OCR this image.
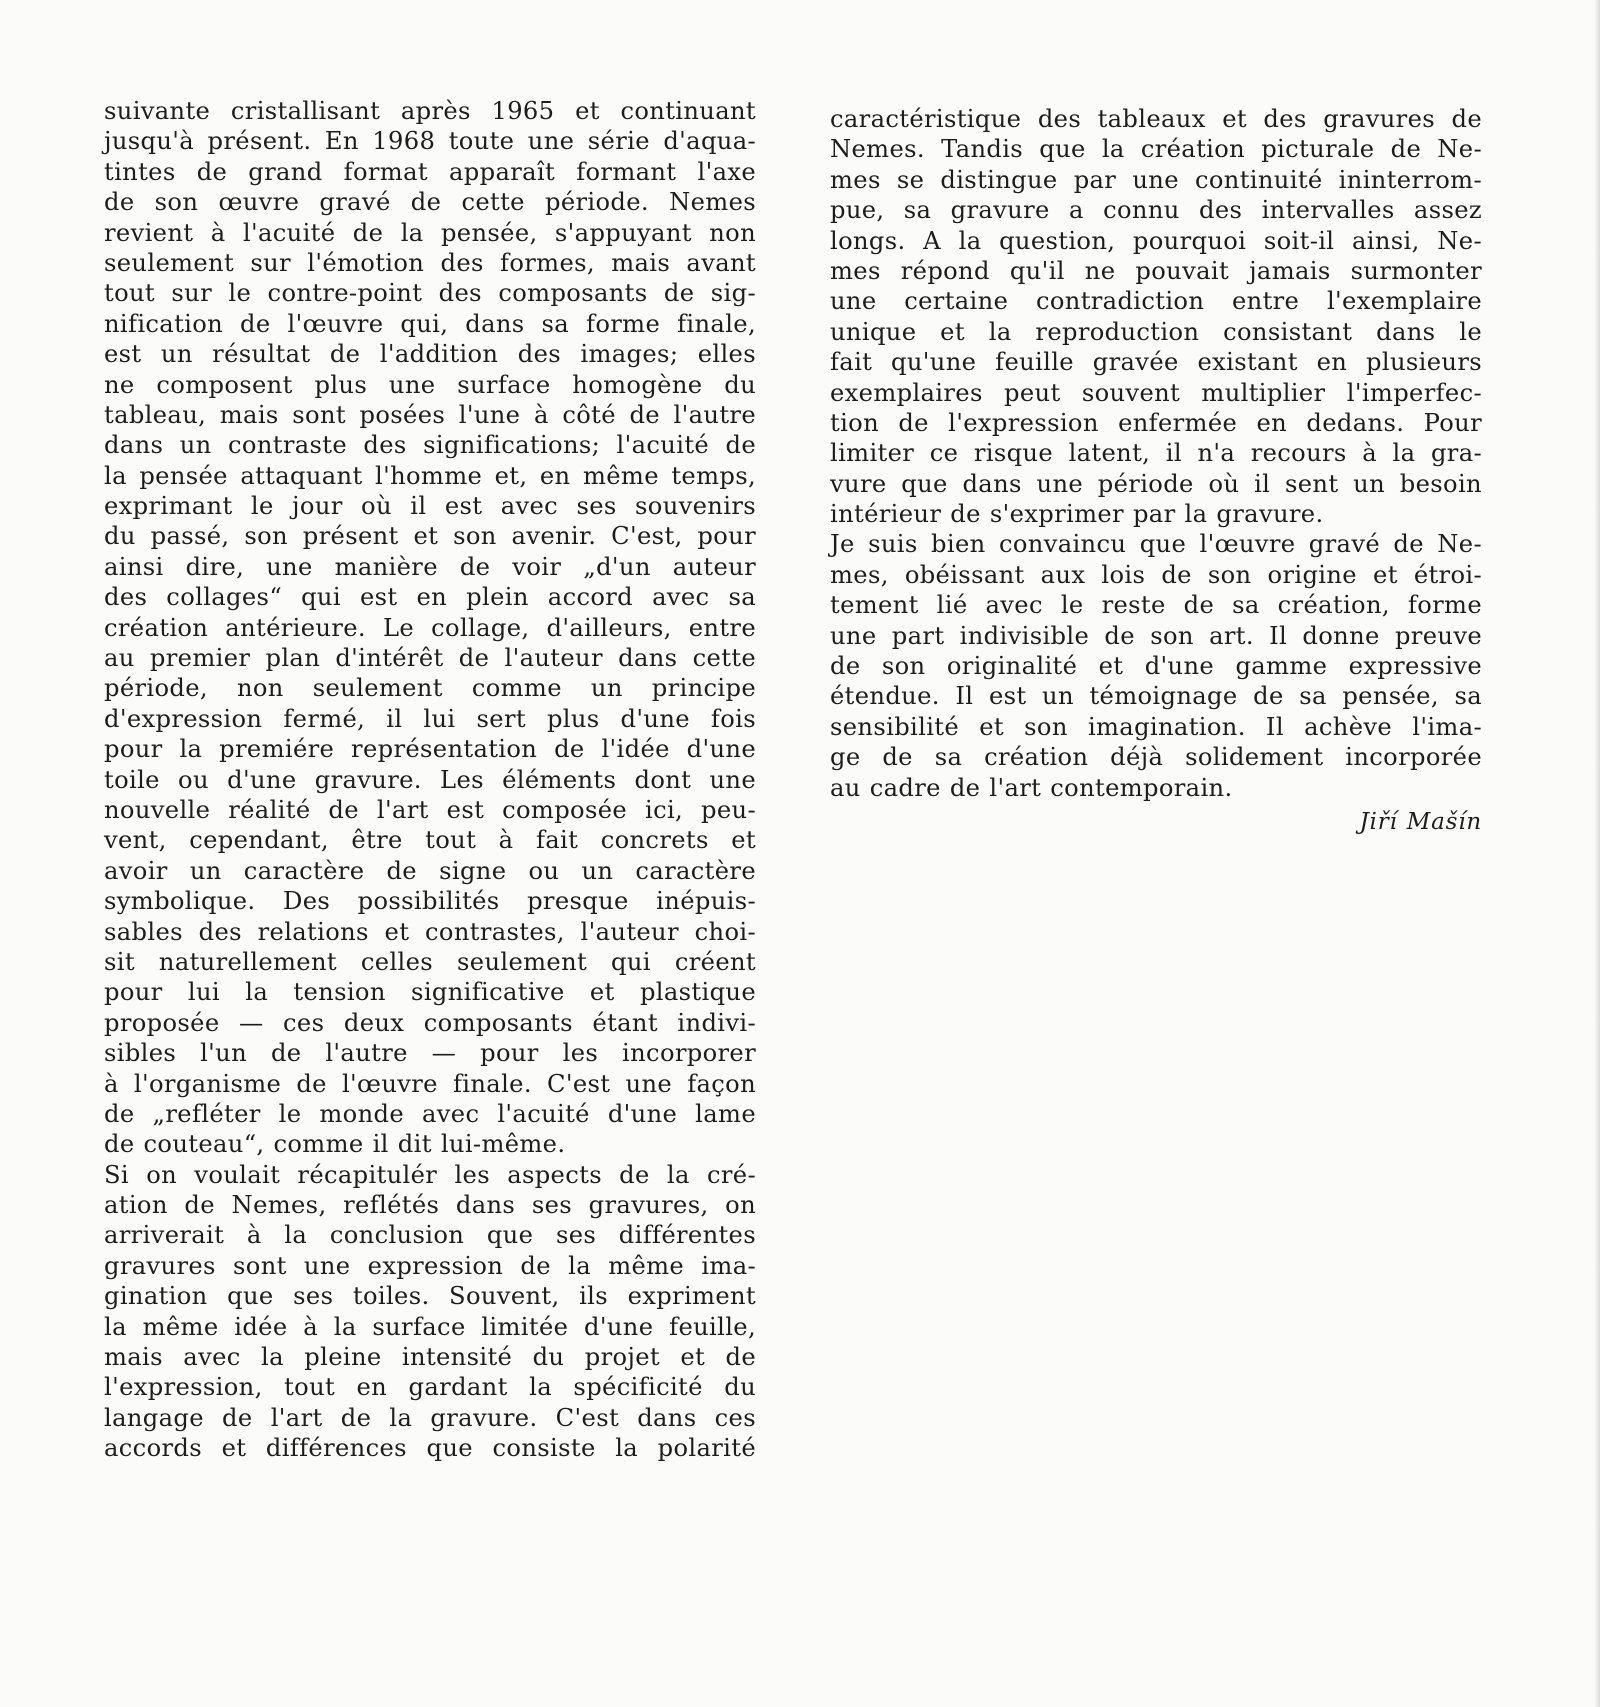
suivante cristallisant après 1965 et continuant
jusqu'à présent. En 1968 toute une série d'aqua-
tintes de grand format apparaît formant l'axe
de son œuvre gravé de cette période. Nemes
revient à l'acuité de la pensée, s'appuyant non
seulement sur l'émotion des formes, mais avant
tout sur le contre-point des composants de sig-
nification de l'œuvre qui, dans sa forme finale,
est un résultat de l'addition des images; elles
ne composent plus une surface homogène du
tableau, mais sont posées l'une à côté de l'autre
dans un contraste des significations; l'acuité de
la pensée attaquant l'homme et, en même temps,
exprimant le jour où il est avec ses souvenirs
du passé, son présent et son avenir. C'est, pour
ainsi dire, une manière de voir „d'un auteur
des collages“ qui est en plein accord avec sa
création antérieure. Le collage, d'ailleurs, entre
au premier plan d'intérêt de l'auteur dans cette
période, non seulement comme un principe
d'expression fermé, il lui sert plus d'une fois
pour la premiére représentation de l'idée d'une
toile ou d'une gravure. Les éléments dont une
nouvelle réalité de l'art est composée ici, peu-
vent, cependant, être tout à fait concrets et
avoir un caractère de signe ou un caractère
symbolique. Des possibilités presque inépuis-
sables des relations et contrastes, l'auteur choi-
sit naturellement celles seulement qui créent
pour lui la tension significative et plastique
proposée — ces deux composants étant indivi-
sibles l'un de l'autre — pour les incorporer
à l'organisme de l'œuvre finale. C'est une façon
de „refléter le monde avec l'acuité d'une lame
de couteau“, comme il dit lui-même.
Si on voulait récapitulér les aspects de la cré-
ation de Nemes, reflétés dans ses gravures, on
arriverait à la conclusion que ses différentes
gravures sont une expression de la même ima-
gination que ses toiles. Souvent, ils expriment
la même idée à la surface limitée d'une feuille,
mais avec la pleine intensité du projet et de
l'expression, tout en gardant la spécificité du
langage de l'art de la gravure. C'est dans ces
accords et différences que consiste la polarité
caractéristique des tableaux et des gravures de
Nemes. Tandis que la création picturale de Ne-
mes se distingue par une continuité ininterrom-
pue, sa gravure a connu des intervalles assez
longs. A la question, pourquoi soit-il ainsi, Ne-
mes répond qu'il ne pouvait jamais surmonter
une certaine contradiction entre l'exemplaire
unique et la reproduction consistant dans le
fait qu'une feuille gravée existant en plusieurs
exemplaires peut souvent multiplier l'imperfec-
tion de l'expression enfermée en dedans. Pour
limiter ce risque latent, il n'a recours à la gra-
vure que dans une période où il sent un besoin
intérieur de s'exprimer par la gravure.
Je suis bien convaincu que l'œuvre gravé de Ne-
mes, obéissant aux lois de son origine et étroi-
tement lié avec le reste de sa création, forme
une part indivisible de son art. Il donne preuve
de son originalité et d'une gamme expressive
étendue. Il est un témoignage de sa pensée, sa
sensibilité et son imagination. Il achève l'ima-
ge de sa création déjà solidement incorporée
au cadre de l'art contemporain.
Jiří Mašín
